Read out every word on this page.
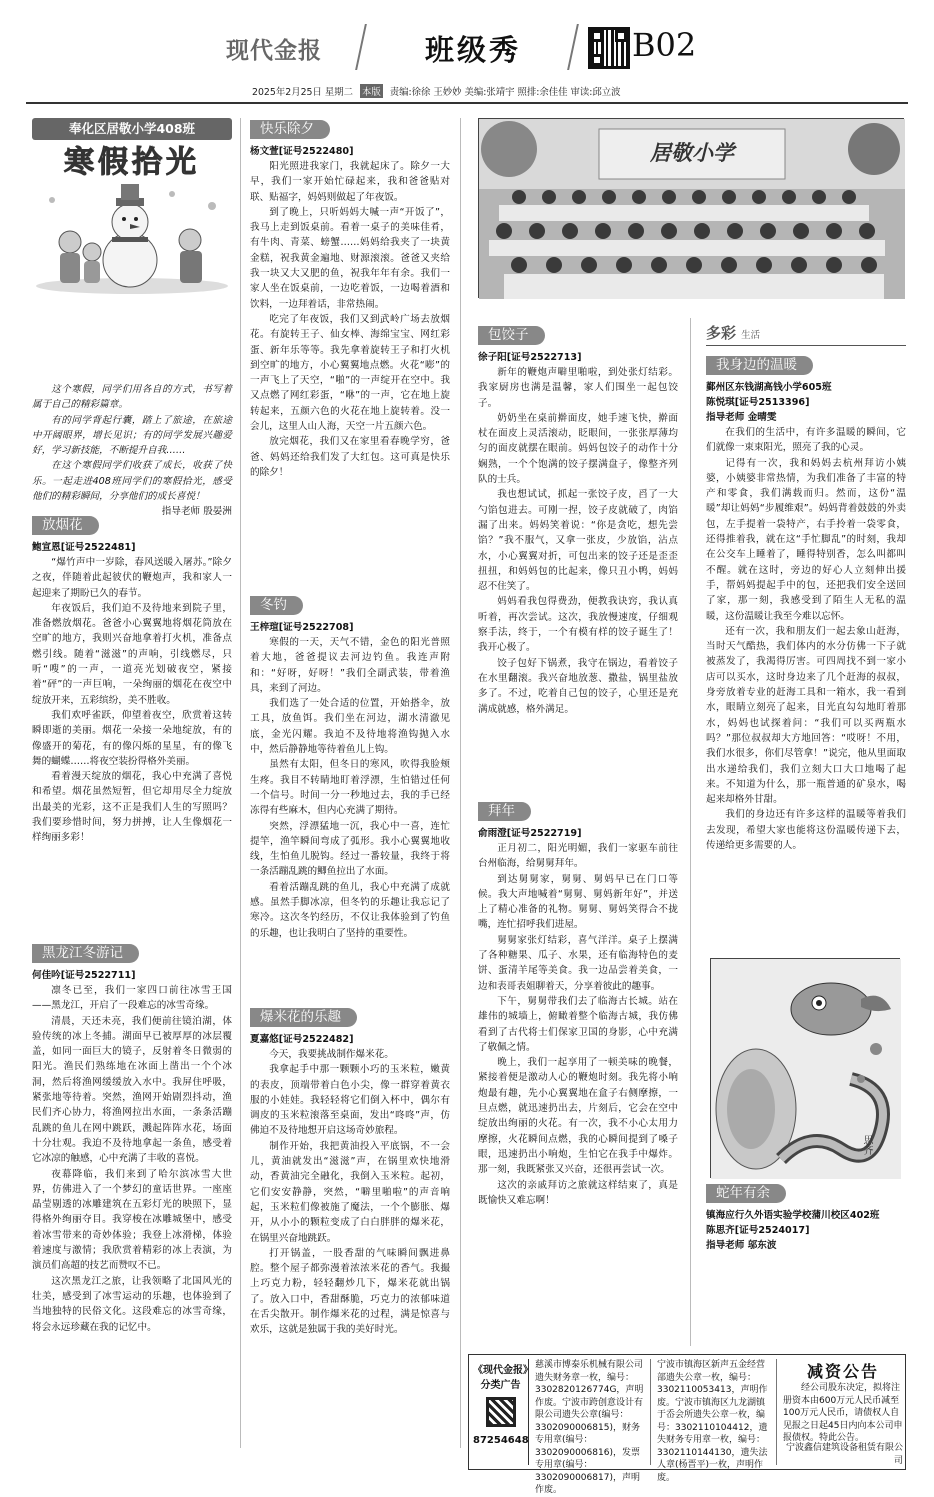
现代金报	班级秀	B02
2025年2月25日 星期二 本版 责编:徐徐 王妙妙 美编:张靖宇 照排:余佳佳 审读:邱立波
奉化区居敬小学408班
寒假拾光

这个寒假，同学们用各自的方式，书写着属于自己的精彩篇章。

有的同学背起行囊，踏上了旅途，在旅途中开阔眼界，增长见识；有的同学发展兴趣爱好，学习新技能，不断提升自我……

在这个寒假同学们收获了成长，收获了快乐。一起走进408班同学们的寒假拾光，感受他们的精彩瞬间，分享他们的成长喜悦！

指导老师 殷晏洲

放烟花
鲍宣恩[证号2522481]

“爆竹声中一岁除，春风送暖入屠苏。”除夕之夜，伴随着此起彼伏的鞭炮声，我和家人一起迎来了期盼已久的春节。

年夜饭后，我们迫不及待地来到院子里，准备燃放烟花。爸爸小心翼翼地将烟花筒放在空旷的地方，我则兴奋地拿着打火机，准备点燃引线。随着“滋滋”的声响，引线燃尽，只听“嗖”的一声，一道亮光划破夜空，紧接着“砰”的一声巨响，一朵绚丽的烟花在夜空中绽放开来，五彩缤纷，美不胜收。

我们欢呼雀跃，仰望着夜空，欣赏着这转瞬即逝的美丽。烟花一朵接一朵地绽放，有的像盛开的菊花，有的像闪烁的星星，有的像飞舞的蝴蝶……将夜空装扮得格外美丽。

看着漫天绽放的烟花，我心中充满了喜悦和希望。烟花虽然短暂，但它却用尽全力绽放出最美的光彩，这不正是我们人生的写照吗？我们要珍惜时间，努力拼搏，让人生像烟花一样绚丽多彩！

黑龙江冬游记
何佳吟[证号2522711]

凛冬已至，我们一家四口前往冰雪王国——黑龙江，开启了一段难忘的冰雪奇缘。

清晨，天还未亮，我们便前往镜泊湖，体验传统的冰上冬捕。湖面早已被厚厚的冰层覆盖，如同一面巨大的镜子，反射着冬日微弱的阳光。渔民们熟练地在冰面上凿出一个个冰洞，然后将渔网缓缓放入水中。我屏住呼吸，紧张地等待着。突然，渔网开始剧烈抖动，渔民们齐心协力，将渔网拉出水面，一条条活蹦乱跳的鱼儿在网中跳跃，溅起阵阵水花，场面十分壮观。我迫不及待地拿起一条鱼，感受着它冰凉的触感，心中充满了丰收的喜悦。

夜幕降临，我们来到了哈尔滨冰雪大世界，仿佛进入了一个梦幻的童话世界。一座座晶莹剔透的冰雕建筑在五彩灯光的映照下，显得格外绚丽夺目。我穿梭在冰雕城堡中，感受着冰雪带来的奇妙体验；我登上冰滑梯，体验着速度与激情；我欣赏着精彩的冰上表演，为演员们高超的技艺而赞叹不已。

这次黑龙江之旅，让我领略了北国风光的壮美，感受到了冰雪运动的乐趣，也体验到了当地独特的民俗文化。这段难忘的冰雪奇缘，将会永远珍藏在我的记忆中。

快乐除夕
杨文萱[证号2522480]

阳光照进我家门，我就起床了。除夕一大早，我们一家开始忙碌起来，我和爸爸贴对联、贴福字，妈妈则做起了年夜饭。

到了晚上，只听妈妈大喊一声“开饭了”，我马上走到饭桌前。看着一桌子的美味佳肴，有牛肉、青菜、螃蟹……妈妈给我夹了一块黄金糕，祝我黄金遍地、财源滚滚。爸爸又夹给我一块又大又肥的鱼，祝我年年有余。我们一家人坐在饭桌前，一边吃着饭，一边喝着酒和饮料，一边拜着话，非常热闹。

吃完了年夜饭，我们又到武岭广场去放烟花。有旋转王子、仙女棒、海绵宝宝、网红彩蛋、新年乐等等。我先拿着旋转王子和打火机到空旷的地方，小心翼翼地点燃。火花“嘭”的一声飞上了天空，“啪”的一声绽开在空中。我又点燃了网红彩蛋，“咻”的一声，它在地上旋转起来，五颜六色的火花在地上旋转着。没一会儿，这里人山人海，天空一片五颜六色。

放完烟花，我们又在家里看春晚学穷，爸爸、妈妈还给我们发了大红包。这可真是快乐的除夕！

冬钓
王梓瑄[证号2522708]

寒假的一天，天气不错，金色的阳光普照着大地，爸爸提议去河边钓鱼。我连声附和：“好呀，好呀！”我们全副武装，带着渔具，来到了河边。

我们选了一处合适的位置，开始搭伞，放工具，放鱼饵。我们坐在河边，湖水清澈见底，金光闪耀。我迫不及待地将渔钩抛入水中，然后静静地等待着鱼儿上钩。

虽然有太阳，但冬日的寒风，吹得我脸颊生疼。我目不转睛地盯着浮漂，生怕错过任何一个信号。时间一分一秒地过去，我的手已经冻得有些麻木，但内心充满了期待。

突然，浮漂猛地一沉，我心中一喜，连忙提竿，渔竿瞬间弯成了弧形。我小心翼翼地收线，生怕鱼儿脱钩。经过一番较量，我终于将一条活蹦乱跳的鲫鱼拉出了水面。

看着活蹦乱跳的鱼儿，我心中充满了成就感。虽然手脚冰凉，但冬钓的乐趣让我忘记了寒冷。这次冬钓经历，不仅让我体验到了钓鱼的乐趣，也让我明白了坚持的重要性。

爆米花的乐趣
夏嘉悠[证号2522482]

今天，我要挑战制作爆米花。

我拿起手中那一颗颗小巧的玉米粒，嫩黄的表皮，顶端带着白色小尖，像一群穿着黄衣服的小娃娃。我轻轻将它们倒入杯中，偶尔有调皮的玉米粒滚落至桌面，发出“咚咚”声，仿佛迫不及待地想开启这场奇妙旅程。

制作开始，我把黄油投入平底锅，不一会儿，黄油就发出“滋滋”声，在锅里欢快地滑动，香黄油完全融化，我倒入玉米粒。起初，它们安安静静，突然，“噼里啪啦”的声音响起，玉米粒们像被施了魔法，一个个膨胀、爆开，从小小的颗粒变成了白白胖胖的爆米花，在锅里兴奋地跳跃。

打开锅盖，一股香甜的气味瞬间飘进鼻腔。整个屋子都弥漫着浓浓米花的香气。我撮上巧克力粉，轻轻翻炒几下，爆米花就出锅了。放入口中，香甜酥脆，巧克力的浓郁味道在舌尖散开。制作爆米花的过程，满是惊喜与欢乐，这就是独属于我的美好时光。

居敬小学
包饺子
徐子阳[证号2522713]

新年的鞭炮声噼里啪啦，到处张灯结彩。我家厨房也满是温馨，家人们围坐一起包饺子。

奶奶坐在桌前擀面皮，她手速飞快，擀面杖在面皮上灵活滚动，眨眼间，一张张厚薄均匀的面皮就摆在眼前。妈妈包饺子的动作十分娴熟，一个个饱满的饺子摆满盘子，像整齐列队的士兵。

我也想试试，抓起一张饺子皮，舀了一大勺馅包进去。可刚一捏，饺子皮就破了，肉馅漏了出来。妈妈笑着说：“你是贪吃，想先尝馅？”我不服气，又拿一张皮，少放馅，沾点水，小心翼翼对折，可包出来的饺子还是歪歪扭扭，和妈妈包的比起来，像只丑小鸭，妈妈忍不住笑了。

妈妈看我包得费劲，便教我诀窍，我认真听着，再次尝试。这次，我放慢速度，仔细观察手法，终于，一个有模有样的饺子诞生了！我开心极了。

饺子包好下锅煮，我守在锅边，看着饺子在水里翻滚。我兴奋地放葱、撒盐，锅里盐放多了。不过，吃着自己包的饺子，心里还是充满成就感，格外满足。

拜年
俞雨澄[证号2522719]

正月初二，阳光明媚，我们一家驱车前往台州临海，给舅舅拜年。

到达舅舅家，舅舅、舅妈早已在门口等候。我大声地喊着“舅舅、舅妈新年好”，并送上了精心准备的礼物。舅舅、舅妈笑得合不拢嘴，连忙招呼我们进屋。

舅舅家张灯结彩，喜气洋洋。桌子上摆满了各种糖果、瓜子、水果，还有临海特色的麦饼、蛋清羊尾等美食。我一边品尝着美食，一边和表哥表姐聊着天，分享着彼此的趣事。

下午，舅舅带我们去了临海古长城。站在雄伟的城墙上，俯瞰着整个临海古城，我仿佛看到了古代将士们保家卫国的身影，心中充满了敬佩之情。

晚上，我们一起享用了一顿美味的晚餐，紧接着便是激动人心的鞭炮时刻。我先将小响炮最有趣，先小心翼翼地在盒子右侧摩擦，一旦点燃，就迅速扔出去，片刻后，它会在空中绽放出绚丽的火花。有一次，我不小心太用力摩擦，火花瞬间点燃，我的心瞬间提到了嗓子眼，迅速扔出小响炮，生怕它在我手中爆炸。那一刻，我既紧张又兴奋，还很再尝试一次。

这次的亲戚拜访之旅就这样结束了，真是既愉快又难忘啊！

多彩 生活
我身边的温暖
鄞州区东钱湖高钱小学605班
陈悦琪[证号2513396]
指导老师 金晴雯

在我们的生活中，有许多温暖的瞬间，它们就像一束束阳光，照亮了我的心灵。

记得有一次，我和妈妈去杭州拜访小姨婆，小姨婆非常热情，为我们准备了丰富的特产和零食，我们满载而归。然而，这份“温暖”却让妈妈“步履维艰”。妈妈背着鼓鼓的外卖包，左手提着一袋特产，右手拎着一袋零食，还得推着我，就在这“手忙脚乱”的时刻，我却在公交车上睡着了，睡得特别香，怎么叫都叫不醒。就在这时，旁边的好心人立刻伸出援手，帮妈妈提起手中的包，还把我们安全送回了家，那一刻，我感受到了陌生人无私的温暖，这份温暖让我至今难以忘怀。

还有一次，我和朋友们一起去象山赶海，当时天气酷热，我们体内的水分仿佛一下子就被蒸发了，我渴得厉害。可四周找不到一家小店可以买水，这时身边来了几个赶海的叔叔，身旁放着专业的赶海工具和一箱水，我一看到水，眼睛立刻亮了起来，目光直勾勾地盯着那水，妈妈也试探着问：“我们可以买两瓶水吗？”那位叔叔却大方地回答：“哎呀！不用，我们水很多，你们尽管拿！”说完，他从里面取出水递给我们，我们立刻大口大口地喝了起来。不知道为什么，那一瓶普通的矿泉水，喝起来却格外甘甜。

我们的身边还有许多这样的温暖等着我们去发现，希望大家也能将这份温暖传递下去，传递给更多需要的人。

思齐
蛇年有余
镇海应行久外语实验学校蒲川校区402班
陈思齐[证号2524017]
指导老师 邬东波
《现代金报》
分类广告
87254648
慈溪市博泰乐机械有限公司遗失财务章一枚，编号：3302820126774G，声明作废。宁波市跨创意设计有限公司遗失公章(编号：3302090006815)，财务专用章(编号：3302090006816)，发票专用章(编号：3302090006817)，声明作废。
宁波市镇海区新声五金经营部遗失公章一枚，编号：3302110053413，声明作废。宁波市镇海区九龙湖镇于岙会所遗失公章一枚，编号：3302110104412，遗失财务专用章一枚，编号：3302110144130，遗失法人章(杨晋平)一枚，声明作废。
减资公告
经公司股东决定，拟将注册资本由600万元人民币减至100万元人民币，请债权人自见报之日起45日内向本公司申报债权。特此公告。
宁波鑫信建筑设备租赁有限公司
